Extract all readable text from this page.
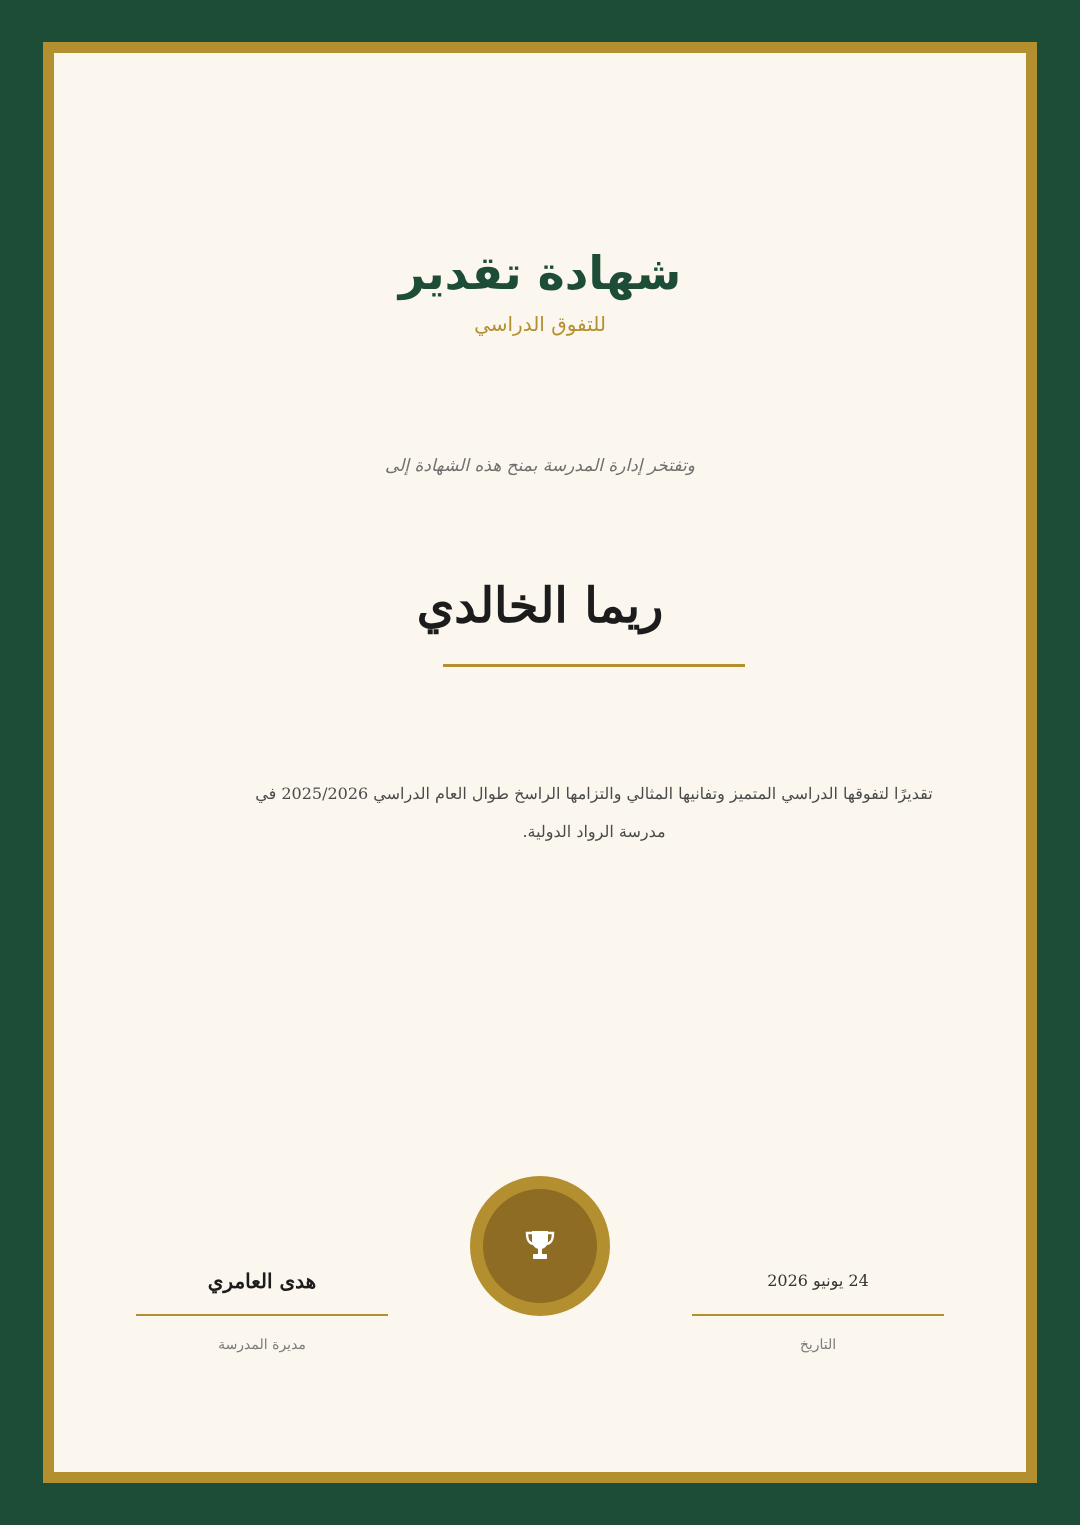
شهادة تقدير
للتفوق الدراسي
وتفتخر إدارة المدرسة بمنح هذه الشهادة إلى
ريما الخالدي
تقديرًا لتفوقها الدراسي المتميز وتفانيها المثالي والتزامها الراسخ طوال العام الدراسي 2025/2026 في مدرسة الرواد الدولية.
هدى العامري
مديرة المدرسة
24 يونيو 2026
التاريخ
